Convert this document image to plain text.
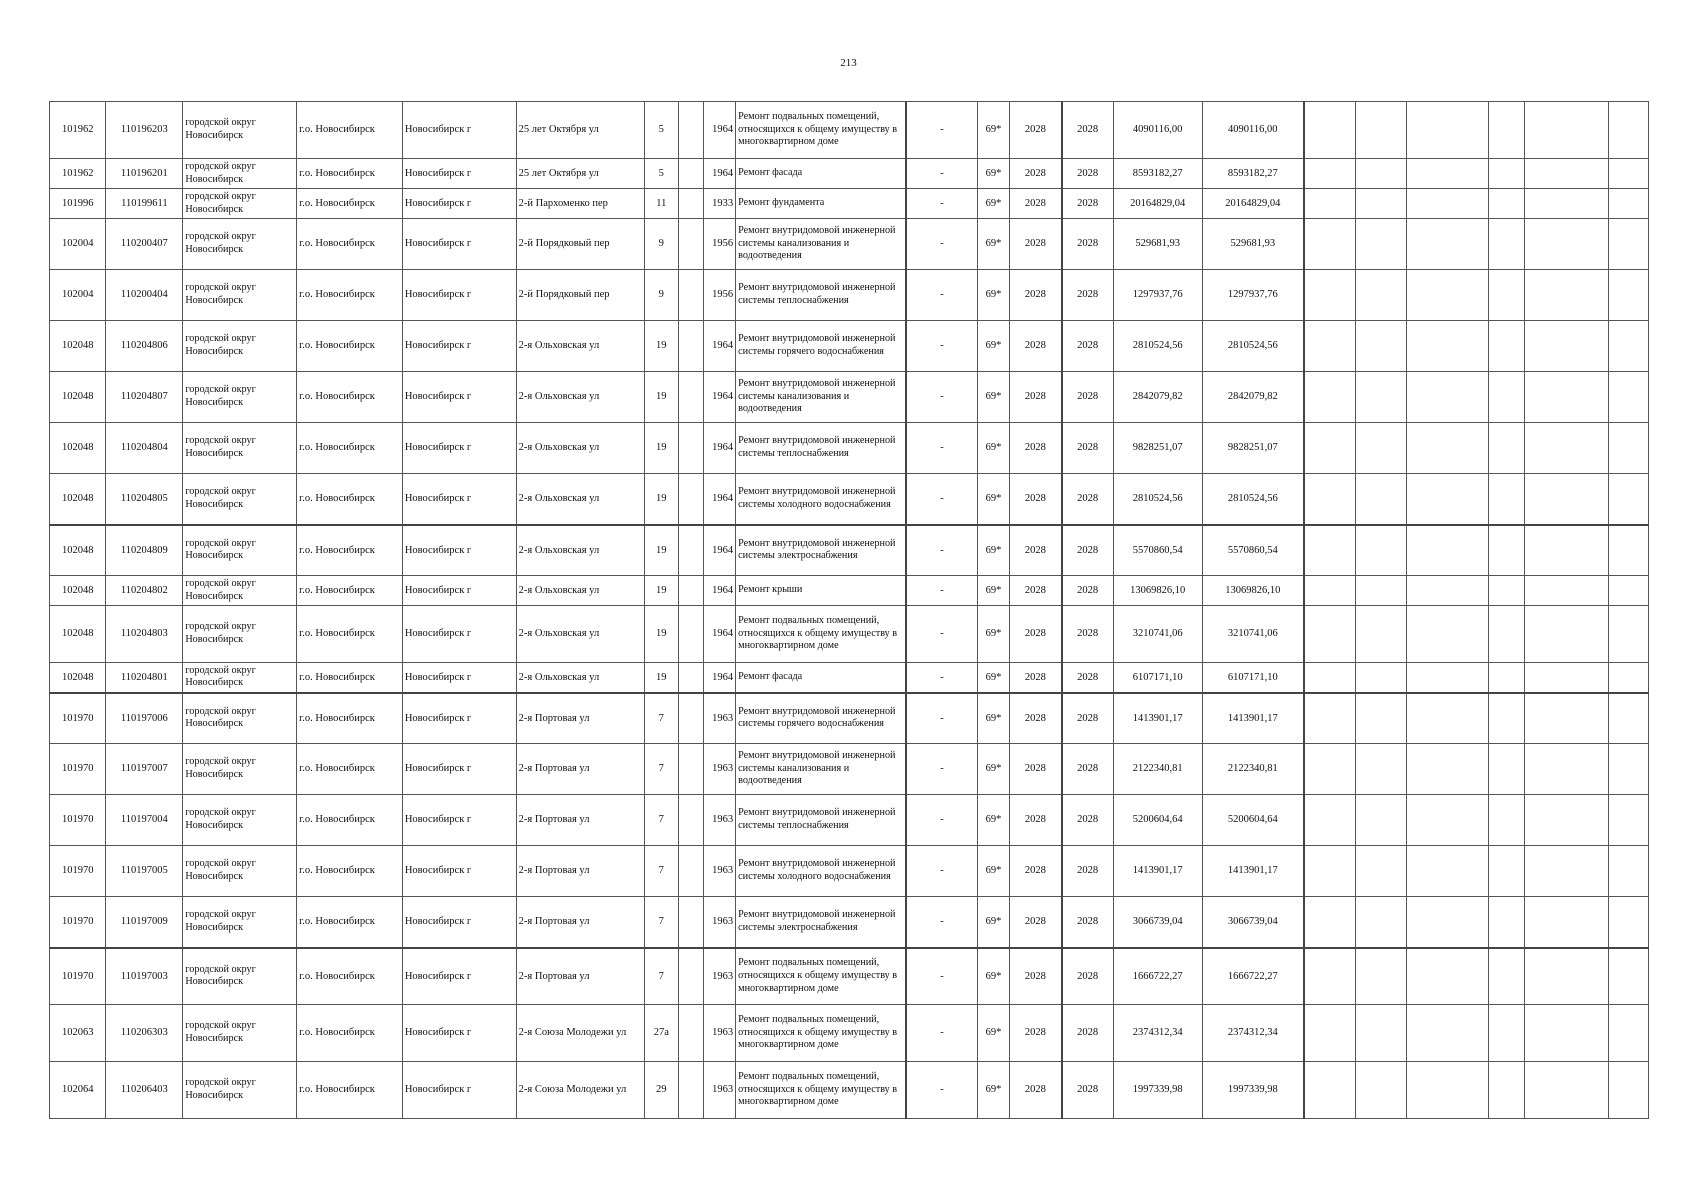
213
101962	110196203	городской округ Новосибирск	г.о. Новосибирск	Новосибирск г	25 лет Октября ул	5		1964	Ремонт подвальных помещений, относящихся к общему имуществу в многоквартирном доме	-	69*	2028	2028	4090116,00	4090116,00						
101962	110196201	городской округ Новосибирск	г.о. Новосибирск	Новосибирск г	25 лет Октября ул	5		1964	Ремонт фасада	-	69*	2028	2028	8593182,27	8593182,27						
101996	110199611	городской округ Новосибирск	г.о. Новосибирск	Новосибирск г	2-й Пархоменко пер	11		1933	Ремонт фундамента	-	69*	2028	2028	20164829,04	20164829,04						
102004	110200407	городской округ Новосибирск	г.о. Новосибирск	Новосибирск г	2-й Порядковый пер	9		1956	Ремонт внутридомовой инженерной системы канализования и водоотведения	-	69*	2028	2028	529681,93	529681,93						
102004	110200404	городской округ Новосибирск	г.о. Новосибирск	Новосибирск г	2-й Порядковый пер	9		1956	Ремонт внутридомовой инженерной системы теплоснабжения	-	69*	2028	2028	1297937,76	1297937,76						
102048	110204806	городской округ Новосибирск	г.о. Новосибирск	Новосибирск г	2-я Ольховская ул	19		1964	Ремонт внутридомовой инженерной системы горячего водоснабжения	-	69*	2028	2028	2810524,56	2810524,56						
102048	110204807	городской округ Новосибирск	г.о. Новосибирск	Новосибирск г	2-я Ольховская ул	19		1964	Ремонт внутридомовой инженерной системы канализования и водоотведения	-	69*	2028	2028	2842079,82	2842079,82						
102048	110204804	городской округ Новосибирск	г.о. Новосибирск	Новосибирск г	2-я Ольховская ул	19		1964	Ремонт внутридомовой инженерной системы теплоснабжения	-	69*	2028	2028	9828251,07	9828251,07						
102048	110204805	городской округ Новосибирск	г.о. Новосибирск	Новосибирск г	2-я Ольховская ул	19		1964	Ремонт внутридомовой инженерной системы холодного водоснабжения	-	69*	2028	2028	2810524,56	2810524,56						
102048	110204809	городской округ Новосибирск	г.о. Новосибирск	Новосибирск г	2-я Ольховская ул	19		1964	Ремонт внутридомовой инженерной системы электроснабжения	-	69*	2028	2028	5570860,54	5570860,54						
102048	110204802	городской округ Новосибирск	г.о. Новосибирск	Новосибирск г	2-я Ольховская ул	19		1964	Ремонт крыши	-	69*	2028	2028	13069826,10	13069826,10						
102048	110204803	городской округ Новосибирск	г.о. Новосибирск	Новосибирск г	2-я Ольховская ул	19		1964	Ремонт подвальных помещений, относящихся к общему имуществу в многоквартирном доме	-	69*	2028	2028	3210741,06	3210741,06						
102048	110204801	городской округ Новосибирск	г.о. Новосибирск	Новосибирск г	2-я Ольховская ул	19		1964	Ремонт фасада	-	69*	2028	2028	6107171,10	6107171,10						
101970	110197006	городской округ Новосибирск	г.о. Новосибирск	Новосибирск г	2-я Портовая ул	7		1963	Ремонт внутридомовой инженерной системы горячего водоснабжения	-	69*	2028	2028	1413901,17	1413901,17						
101970	110197007	городской округ Новосибирск	г.о. Новосибирск	Новосибирск г	2-я Портовая ул	7		1963	Ремонт внутридомовой инженерной системы канализования и водоотведения	-	69*	2028	2028	2122340,81	2122340,81						
101970	110197004	городской округ Новосибирск	г.о. Новосибирск	Новосибирск г	2-я Портовая ул	7		1963	Ремонт внутридомовой инженерной системы теплоснабжения	-	69*	2028	2028	5200604,64	5200604,64						
101970	110197005	городской округ Новосибирск	г.о. Новосибирск	Новосибирск г	2-я Портовая ул	7		1963	Ремонт внутридомовой инженерной системы холодного водоснабжения	-	69*	2028	2028	1413901,17	1413901,17						
101970	110197009	городской округ Новосибирск	г.о. Новосибирск	Новосибирск г	2-я Портовая ул	7		1963	Ремонт внутридомовой инженерной системы электроснабжения	-	69*	2028	2028	3066739,04	3066739,04						
101970	110197003	городской округ Новосибирск	г.о. Новосибирск	Новосибирск г	2-я Портовая ул	7		1963	Ремонт подвальных помещений, относящихся к общему имуществу в многоквартирном доме	-	69*	2028	2028	1666722,27	1666722,27						
102063	110206303	городской округ Новосибирск	г.о. Новосибирск	Новосибирск г	2-я Союза Молодежи ул	27а		1963	Ремонт подвальных помещений, относящихся к общему имуществу в многоквартирном доме	-	69*	2028	2028	2374312,34	2374312,34						
102064	110206403	городской округ Новосибирск	г.о. Новосибирск	Новосибирск г	2-я Союза Молодежи ул	29		1963	Ремонт подвальных помещений, относящихся к общему имуществу в многоквартирном доме	-	69*	2028	2028	1997339,98	1997339,98						
